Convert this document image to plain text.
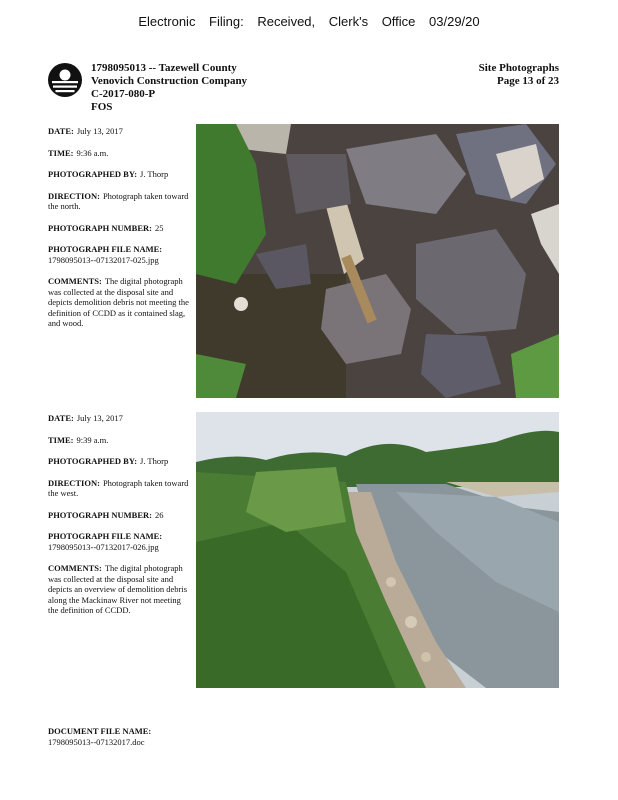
Electronic Filing: Received, Clerk's Office 03/29/20
1798095013 -- Tazewell County
Venovich Construction Company
C-2017-080-P
FOS
Site Photographs
Page 13 of 23
DATE: July 13, 2017
TIME: 9:36 a.m.
PHOTOGRAPHED BY: J. Thorp
DIRECTION: Photograph taken toward the north.
PHOTOGRAPH NUMBER: 25
PHOTOGRAPH FILE NAME:
1798095013--07132017-025.jpg
COMMENTS: The digital photograph was collected at the disposal site and depicts demolition debris not meeting the definition of CCDD as it contained slag, and wood.
DATE: July 13, 2017
TIME: 9:39 a.m.
PHOTOGRAPHED BY: J. Thorp
DIRECTION: Photograph taken toward the west.
PHOTOGRAPH NUMBER: 26
PHOTOGRAPH FILE NAME:
1798095013--07132017-026.jpg
COMMENTS: The digital photograph was collected at the disposal site and depicts an overview of demolition debris along the Mackinaw River not meeting the definition of CCDD.
DOCUMENT FILE NAME:
1798095013--07132017.doc
